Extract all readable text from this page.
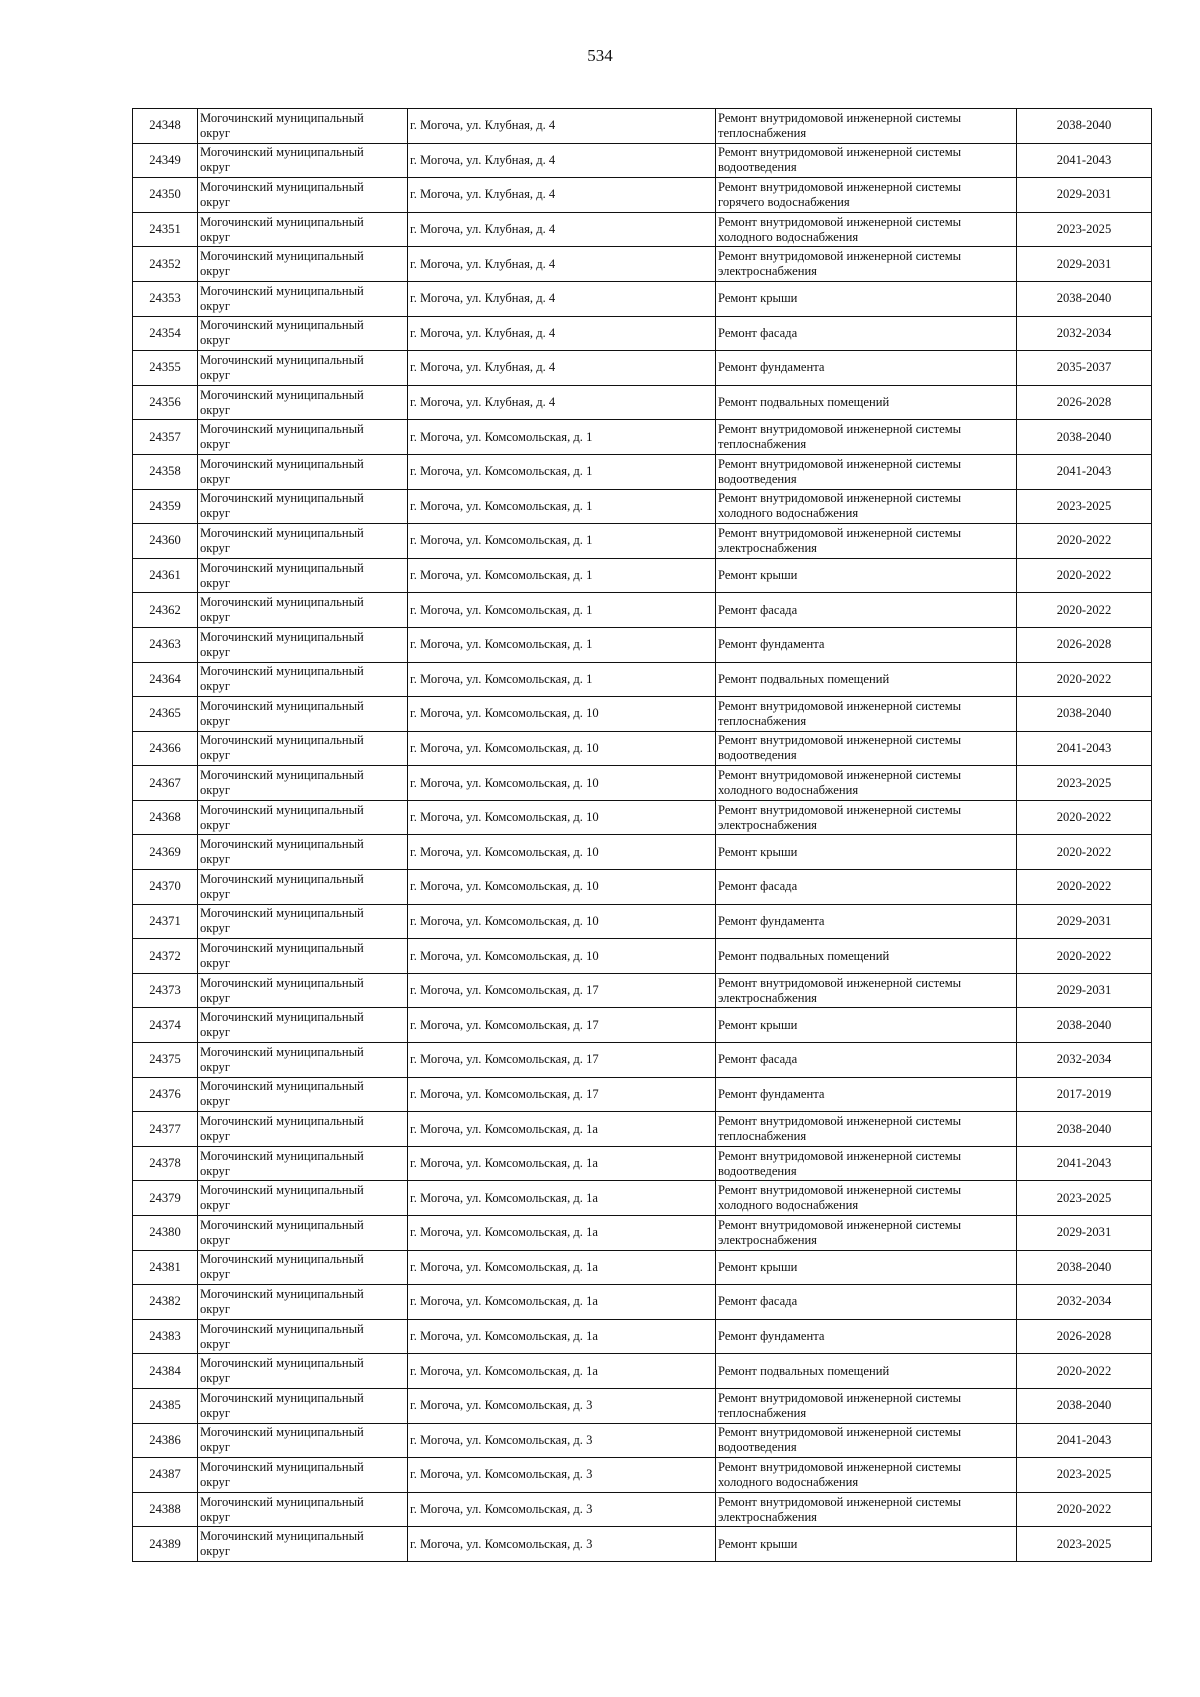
534
24348	Могочинский муниципальный округ	г. Могоча, ул. Клубная, д. 4	Ремонт внутридомовой инженерной системы теплоснабжения	2038-2040
24349	Могочинский муниципальный округ	г. Могоча, ул. Клубная, д. 4	Ремонт внутридомовой инженерной системы водоотведения	2041-2043
24350	Могочинский муниципальный округ	г. Могоча, ул. Клубная, д. 4	Ремонт внутридомовой инженерной системы горячего водоснабжения	2029-2031
24351	Могочинский муниципальный округ	г. Могоча, ул. Клубная, д. 4	Ремонт внутридомовой инженерной системы холодного водоснабжения	2023-2025
24352	Могочинский муниципальный округ	г. Могоча, ул. Клубная, д. 4	Ремонт внутридомовой инженерной системы электроснабжения	2029-2031
24353	Могочинский муниципальный округ	г. Могоча, ул. Клубная, д. 4	Ремонт крыши	2038-2040
24354	Могочинский муниципальный округ	г. Могоча, ул. Клубная, д. 4	Ремонт фасада	2032-2034
24355	Могочинский муниципальный округ	г. Могоча, ул. Клубная, д. 4	Ремонт фундамента	2035-2037
24356	Могочинский муниципальный округ	г. Могоча, ул. Клубная, д. 4	Ремонт подвальных помещений	2026-2028
24357	Могочинский муниципальный округ	г. Могоча, ул. Комсомольская, д. 1	Ремонт внутридомовой инженерной системы теплоснабжения	2038-2040
24358	Могочинский муниципальный округ	г. Могоча, ул. Комсомольская, д. 1	Ремонт внутридомовой инженерной системы водоотведения	2041-2043
24359	Могочинский муниципальный округ	г. Могоча, ул. Комсомольская, д. 1	Ремонт внутридомовой инженерной системы холодного водоснабжения	2023-2025
24360	Могочинский муниципальный округ	г. Могоча, ул. Комсомольская, д. 1	Ремонт внутридомовой инженерной системы электроснабжения	2020-2022
24361	Могочинский муниципальный округ	г. Могоча, ул. Комсомольская, д. 1	Ремонт крыши	2020-2022
24362	Могочинский муниципальный округ	г. Могоча, ул. Комсомольская, д. 1	Ремонт фасада	2020-2022
24363	Могочинский муниципальный округ	г. Могоча, ул. Комсомольская, д. 1	Ремонт фундамента	2026-2028
24364	Могочинский муниципальный округ	г. Могоча, ул. Комсомольская, д. 1	Ремонт подвальных помещений	2020-2022
24365	Могочинский муниципальный округ	г. Могоча, ул. Комсомольская, д. 10	Ремонт внутридомовой инженерной системы теплоснабжения	2038-2040
24366	Могочинский муниципальный округ	г. Могоча, ул. Комсомольская, д. 10	Ремонт внутридомовой инженерной системы водоотведения	2041-2043
24367	Могочинский муниципальный округ	г. Могоча, ул. Комсомольская, д. 10	Ремонт внутридомовой инженерной системы холодного водоснабжения	2023-2025
24368	Могочинский муниципальный округ	г. Могоча, ул. Комсомольская, д. 10	Ремонт внутридомовой инженерной системы электроснабжения	2020-2022
24369	Могочинский муниципальный округ	г. Могоча, ул. Комсомольская, д. 10	Ремонт крыши	2020-2022
24370	Могочинский муниципальный округ	г. Могоча, ул. Комсомольская, д. 10	Ремонт фасада	2020-2022
24371	Могочинский муниципальный округ	г. Могоча, ул. Комсомольская, д. 10	Ремонт фундамента	2029-2031
24372	Могочинский муниципальный округ	г. Могоча, ул. Комсомольская, д. 10	Ремонт подвальных помещений	2020-2022
24373	Могочинский муниципальный округ	г. Могоча, ул. Комсомольская, д. 17	Ремонт внутридомовой инженерной системы электроснабжения	2029-2031
24374	Могочинский муниципальный округ	г. Могоча, ул. Комсомольская, д. 17	Ремонт крыши	2038-2040
24375	Могочинский муниципальный округ	г. Могоча, ул. Комсомольская, д. 17	Ремонт фасада	2032-2034
24376	Могочинский муниципальный округ	г. Могоча, ул. Комсомольская, д. 17	Ремонт фундамента	2017-2019
24377	Могочинский муниципальный округ	г. Могоча, ул. Комсомольская, д. 1а	Ремонт внутридомовой инженерной системы теплоснабжения	2038-2040
24378	Могочинский муниципальный округ	г. Могоча, ул. Комсомольская, д. 1а	Ремонт внутридомовой инженерной системы водоотведения	2041-2043
24379	Могочинский муниципальный округ	г. Могоча, ул. Комсомольская, д. 1а	Ремонт внутридомовой инженерной системы холодного водоснабжения	2023-2025
24380	Могочинский муниципальный округ	г. Могоча, ул. Комсомольская, д. 1а	Ремонт внутридомовой инженерной системы электроснабжения	2029-2031
24381	Могочинский муниципальный округ	г. Могоча, ул. Комсомольская, д. 1а	Ремонт крыши	2038-2040
24382	Могочинский муниципальный округ	г. Могоча, ул. Комсомольская, д. 1а	Ремонт фасада	2032-2034
24383	Могочинский муниципальный округ	г. Могоча, ул. Комсомольская, д. 1а	Ремонт фундамента	2026-2028
24384	Могочинский муниципальный округ	г. Могоча, ул. Комсомольская, д. 1а	Ремонт подвальных помещений	2020-2022
24385	Могочинский муниципальный округ	г. Могоча, ул. Комсомольская, д. 3	Ремонт внутридомовой инженерной системы теплоснабжения	2038-2040
24386	Могочинский муниципальный округ	г. Могоча, ул. Комсомольская, д. 3	Ремонт внутридомовой инженерной системы водоотведения	2041-2043
24387	Могочинский муниципальный округ	г. Могоча, ул. Комсомольская, д. 3	Ремонт внутридомовой инженерной системы холодного водоснабжения	2023-2025
24388	Могочинский муниципальный округ	г. Могоча, ул. Комсомольская, д. 3	Ремонт внутридомовой инженерной системы электроснабжения	2020-2022
24389	Могочинский муниципальный округ	г. Могоча, ул. Комсомольская, д. 3	Ремонт крыши	2023-2025
